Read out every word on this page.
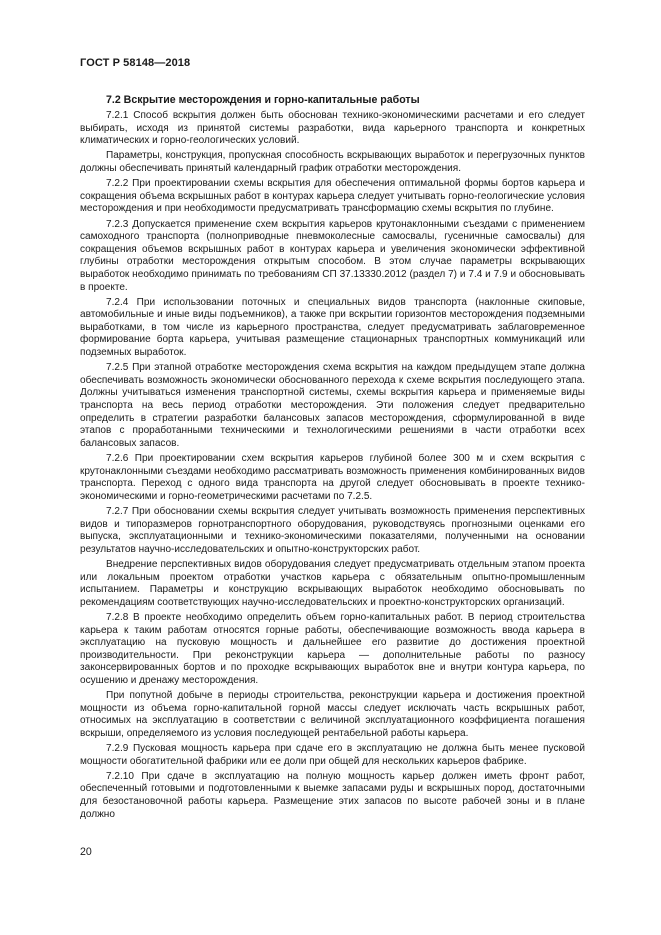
ГОСТ Р 58148—2018
7.2 Вскрытие месторождения и горно-капитальные работы

7.2.1 Способ вскрытия должен быть обоснован технико-экономическими расчетами и его следует выбирать, исходя из принятой системы разработки, вида карьерного транспорта и конкретных климатических и горно-геологических условий.

Параметры, конструкция, пропускная способность вскрывающих выработок и перегрузочных пунктов должны обеспечивать принятый календарный график отработки месторождения.

7.2.2 При проектировании схемы вскрытия для обеспечения оптимальной формы бортов карьера и сокращения объема вскрышных работ в контурах карьера следует учитывать горно-геологические условия месторождения и при необходимости предусматривать трансформацию схемы вскрытия по глубине.

7.2.3 Допускается применение схем вскрытия карьеров крутонаклонными съездами с применением самоходного транспорта (полноприводные пневмоколесные самосвалы, гусеничные самосвалы) для сокращения объемов вскрышных работ в контурах карьера и увеличения экономически эффективной глубины отработки месторождения открытым способом. В этом случае параметры вскрывающих выработок необходимо принимать по требованиям СП 37.13330.2012 (раздел 7) и 7.4 и 7.9 и обосновывать в проекте.

7.2.4 При использовании поточных и специальных видов транспорта (наклонные скиповые, автомобильные и иные виды подъемников), а также при вскрытии горизонтов месторождения подземными выработками, в том числе из карьерного пространства, следует предусматривать заблаговременное формирование борта карьера, учитывая размещение стационарных транспортных коммуникаций или подземных выработок.

7.2.5 При этапной отработке месторождения схема вскрытия на каждом предыдущем этапе должна обеспечивать возможность экономически обоснованного перехода к схеме вскрытия последующего этапа. Должны учитываться изменения транспортной системы, схемы вскрытия карьера и применяемые виды транспорта на весь период отработки месторождения. Эти положения следует предварительно определить в стратегии разработки балансовых запасов месторождения, сформулированной в виде этапов с проработанными техническими и технологическими решениями в части отработки всех балансовых запасов.

7.2.6 При проектировании схем вскрытия карьеров глубиной более 300 м и схем вскрытия с крутонаклонными съездами необходимо рассматривать возможность применения комбинированных видов транспорта. Переход с одного вида транспорта на другой следует обосновывать в проекте технико-экономическими и горно-геометрическими расчетами по 7.2.5.

7.2.7 При обосновании схемы вскрытия следует учитывать возможность применения перспективных видов и типоразмеров горнотранспортного оборудования, руководствуясь прогнозными оценками его выпуска, эксплуатационными и технико-экономическими показателями, полученными на основании результатов научно-исследовательских и опытно-конструкторских работ.

Внедрение перспективных видов оборудования следует предусматривать отдельным этапом проекта или локальным проектом отработки участков карьера с обязательным опытно-промышленным испытанием. Параметры и конструкцию вскрывающих выработок необходимо обосновывать по рекомендациям соответствующих научно-исследовательских и проектно-конструкторских организаций.

7.2.8 В проекте необходимо определить объем горно-капитальных работ. В период строительства карьера к таким работам относятся горные работы, обеспечивающие возможность ввода карьера в эксплуатацию на пусковую мощность и дальнейшее его развитие до достижения проектной производительности. При реконструкции карьера — дополнительные работы по разносу законсервированных бортов и по проходке вскрывающих выработок вне и внутри контура карьера, по осушению и дренажу месторождения.

При попутной добыче в периоды строительства, реконструкции карьера и достижения проектной мощности из объема горно-капитальной горной массы следует исключать часть вскрышных работ, относимых на эксплуатацию в соответствии с величиной эксплуатационного коэффициента погашения вскрыши, определяемого из условия последующей рентабельной работы карьера.

7.2.9 Пусковая мощность карьера при сдаче его в эксплуатацию не должна быть менее пусковой мощности обогатительной фабрики или ее доли при общей для нескольких карьеров фабрике.

7.2.10 При сдаче в эксплуатацию на полную мощность карьер должен иметь фронт работ, обеспеченный готовыми и подготовленными к выемке запасами руды и вскрышных пород, достаточными для безостановочной работы карьера. Размещение этих запасов по высоте рабочей зоны и в плане должно

20
